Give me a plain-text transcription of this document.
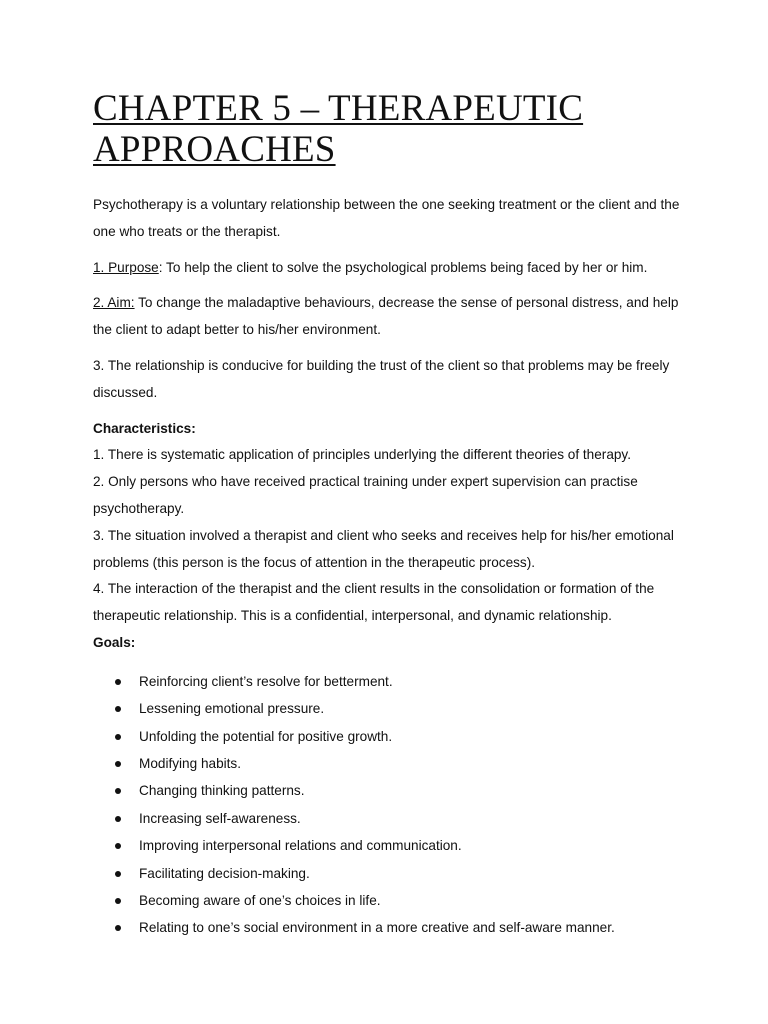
CHAPTER 5 – THERAPEUTIC
APPROACHES

Psychotherapy is a voluntary relationship between the one seeking treatment or the client and the one who treats or the therapist.

1. Purpose: To help the client to solve the psychological problems being faced by her or him.

2. Aim: To change the maladaptive behaviours, decrease the sense of personal distress, and help the client to adapt better to his/her environment.

3. The relationship is conducive for building the trust of the client so that problems may be freely discussed.

Characteristics:

1. There is systematic application of principles underlying the different theories of therapy.

2. Only persons who have received practical training under expert supervision can practise psychotherapy.

3. The situation involved a therapist and client who seeks and receives help for his/her emotional problems (this person is the focus of attention in the therapeutic process).

4. The interaction of the therapist and the client results in the consolidation or formation of the therapeutic relationship. This is a confidential, interpersonal, and dynamic relationship.

Goals:
Reinforcing client’s resolve for betterment.
Lessening emotional pressure.
Unfolding the potential for positive growth.
Modifying habits.
Changing thinking patterns.
Increasing self-awareness.
Improving interpersonal relations and communication.
Facilitating decision-making.
Becoming aware of one’s choices in life.
Relating to one’s social environment in a more creative and self-aware manner.
